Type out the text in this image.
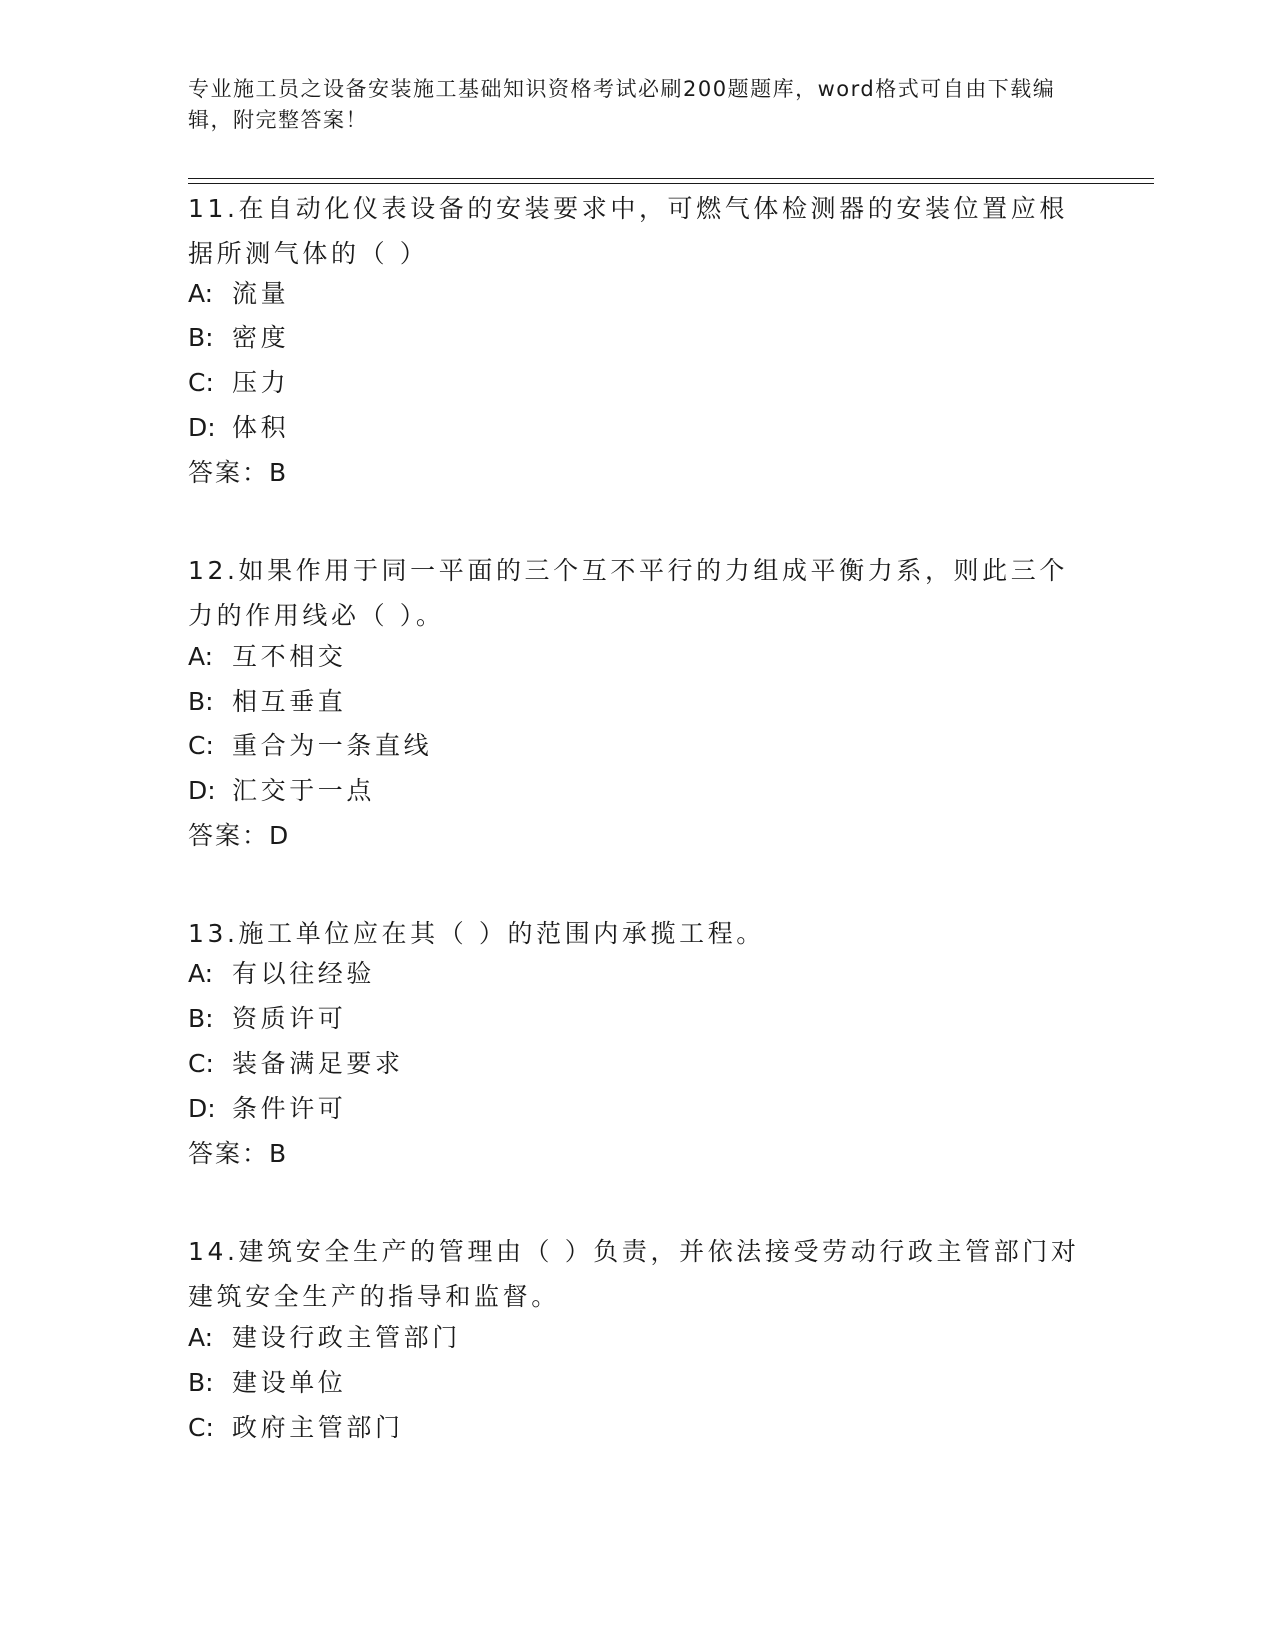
专业施工员之设备安装施工基础知识资格考试必刷200题题库，word格式可自由下载编辑，附完整答案！
11.在自动化仪表设备的安装要求中，可燃气体检测器的安装位置应根据所测气体的（ ）
A: 流量
B: 密度
C: 压力
D: 体积
答案：B
12.如果作用于同一平面的三个互不平行的力组成平衡力系，则此三个力的作用线必（ ）。
A: 互不相交
B: 相互垂直
C: 重合为一条直线
D: 汇交于一点
答案：D
13.施工单位应在其（ ）的范围内承揽工程。
A: 有以往经验
B: 资质许可
C: 装备满足要求
D: 条件许可
答案：B
14.建筑安全生产的管理由（ ）负责，并依法接受劳动行政主管部门对建筑安全生产的指导和监督。
A: 建设行政主管部门
B: 建设单位
C: 政府主管部门
